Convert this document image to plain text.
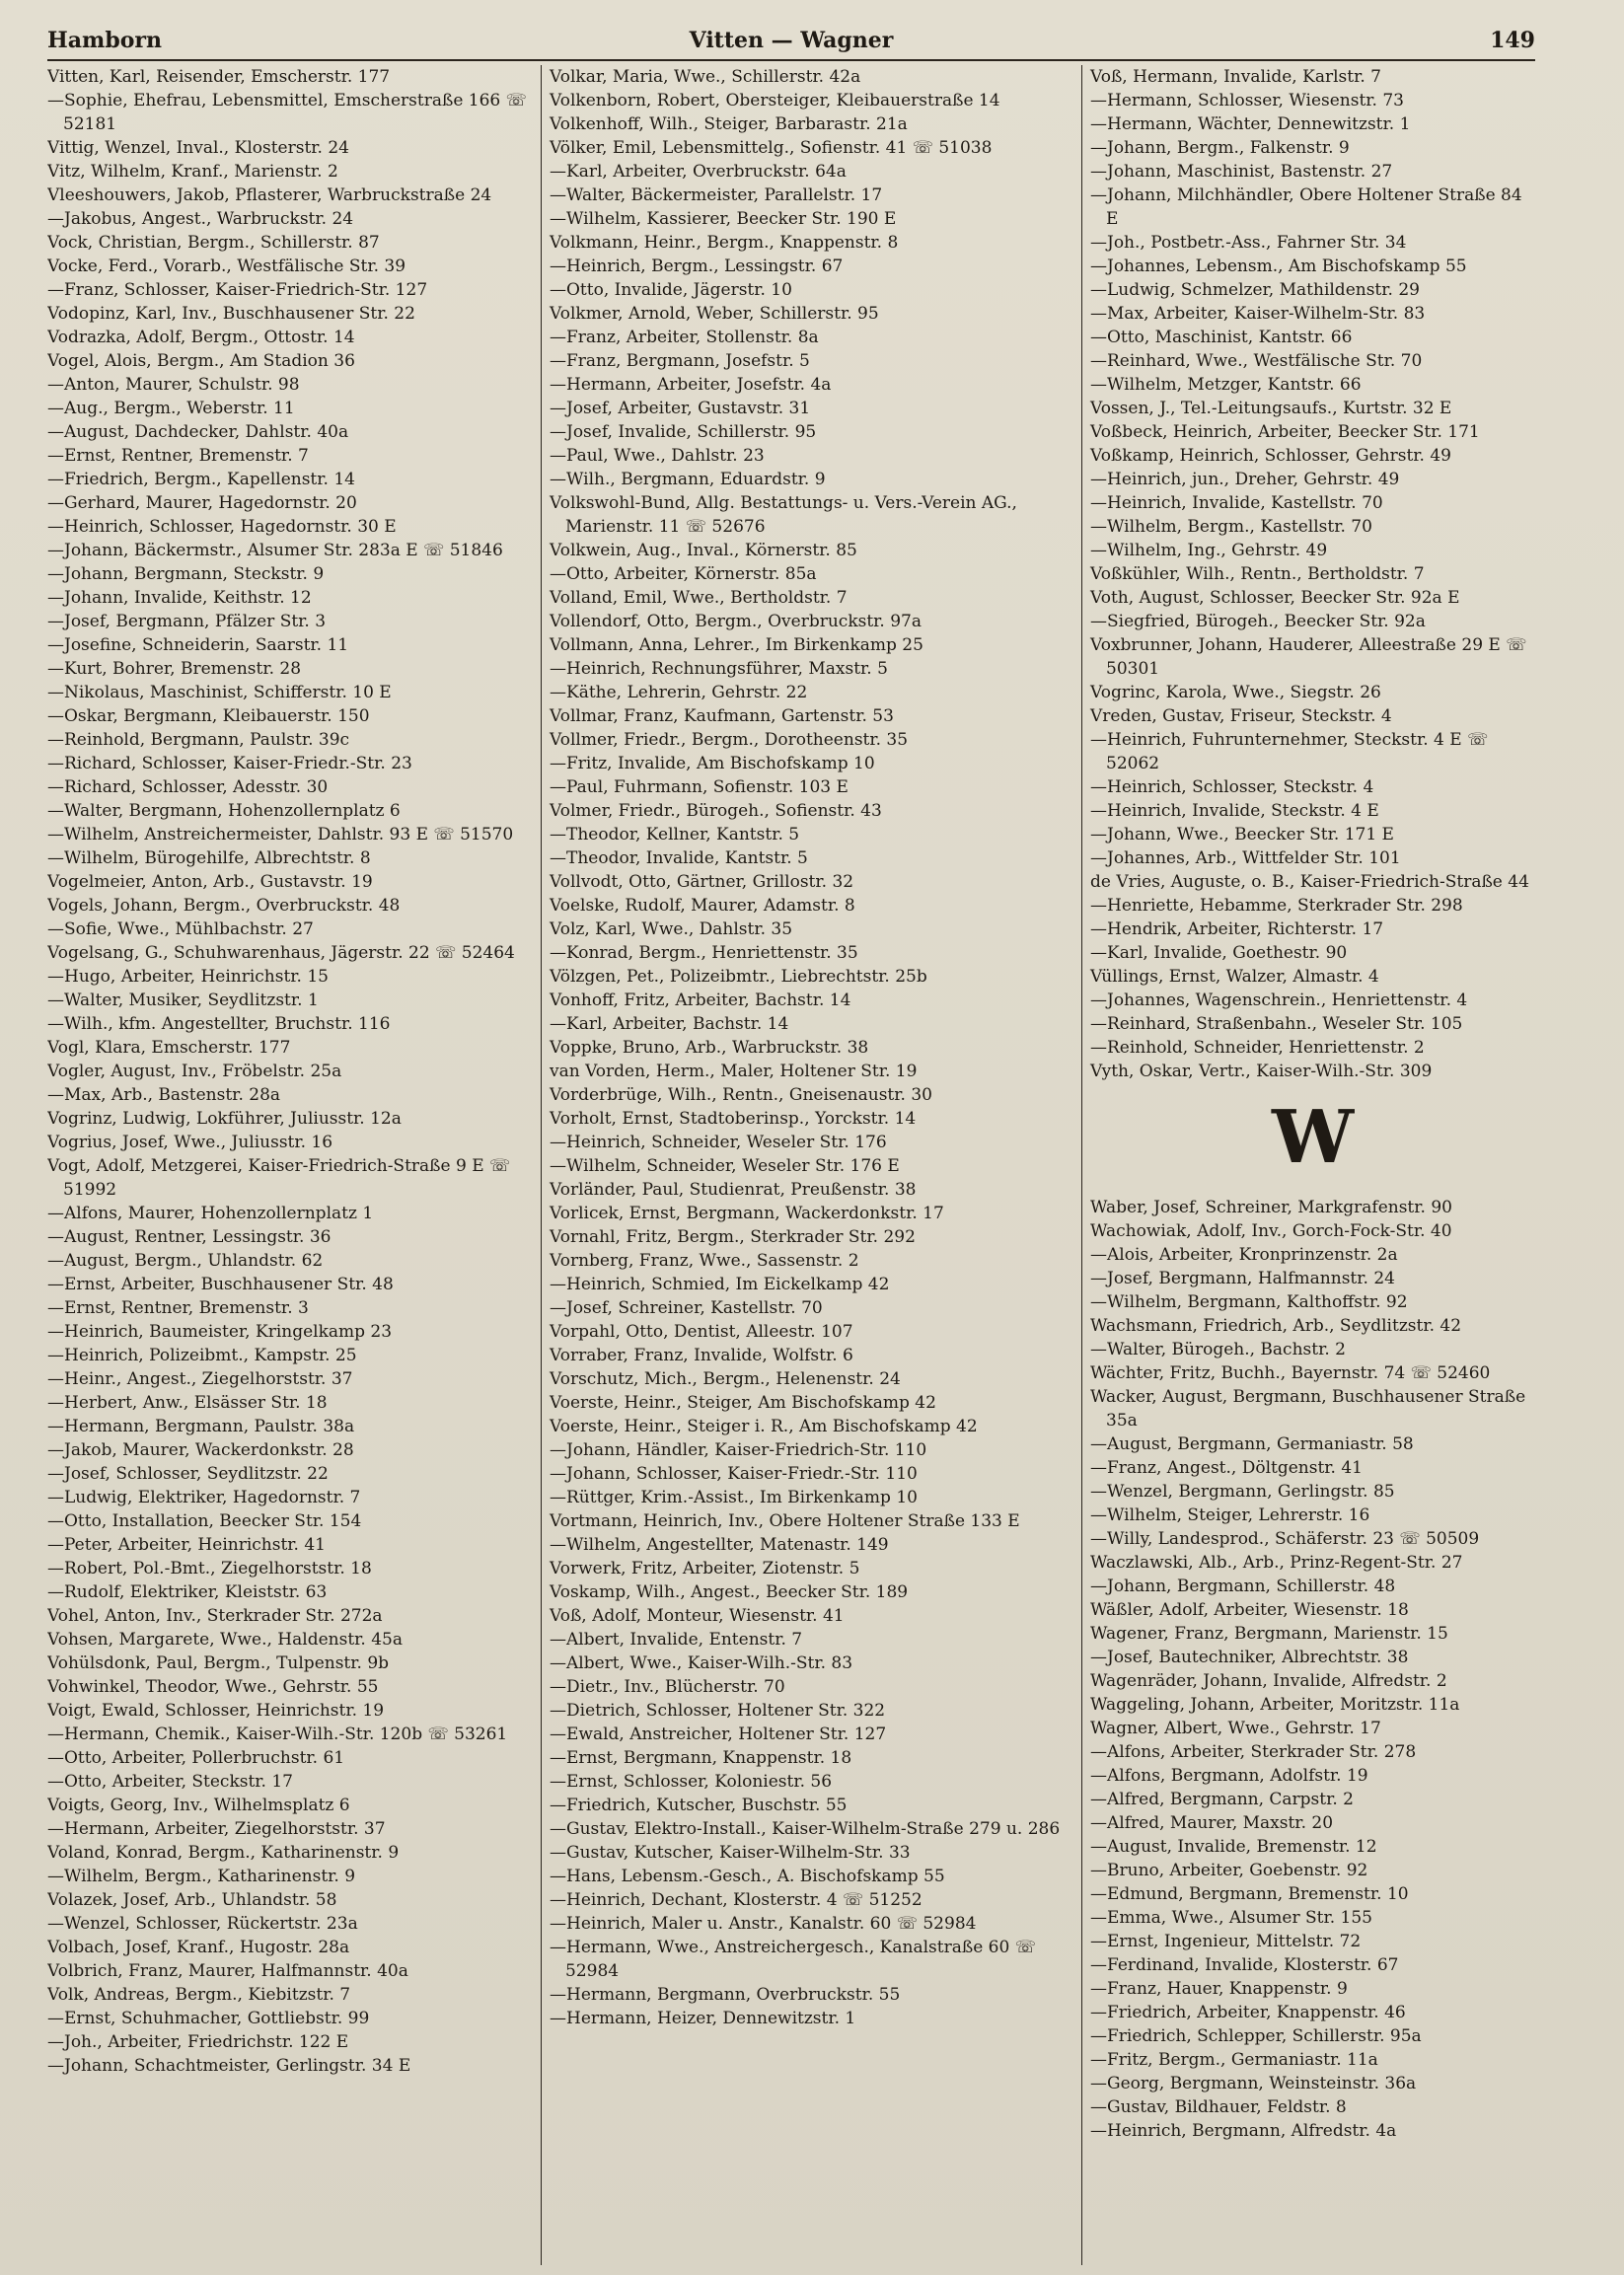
Hamborn	Vitten — Wagner	149
Vitten, Karl, Reisender, Emscherstr. 177
—Sophie, Ehefrau, Lebensmittel, Emscherstraße 166 ☏ 52181
Vittig, Wenzel, Inval., Klosterstr. 24
Vitz, Wilhelm, Kranf., Marienstr. 2
Vleeshouwers, Jakob, Pflasterer, Warbruckstraße 24
—Jakobus, Angest., Warbruckstr. 24
Vock, Christian, Bergm., Schillerstr. 87
Vocke, Ferd., Vorarb., Westfälische Str. 39
—Franz, Schlosser, Kaiser-Friedrich-Str. 127
Vodopinz, Karl, Inv., Buschhausener Str. 22
Vodrazka, Adolf, Bergm., Ottostr. 14
Vogel, Alois, Bergm., Am Stadion 36
—Anton, Maurer, Schulstr. 98
—Aug., Bergm., Weberstr. 11
—August, Dachdecker, Dahlstr. 40a
—Ernst, Rentner, Bremenstr. 7
—Friedrich, Bergm., Kapellenstr. 14
—Gerhard, Maurer, Hagedornstr. 20
—Heinrich, Schlosser, Hagedornstr. 30 E
—Johann, Bäckermstr., Alsumer Str. 283a E ☏ 51846
—Johann, Bergmann, Steckstr. 9
—Johann, Invalide, Keithstr. 12
—Josef, Bergmann, Pfälzer Str. 3
—Josefine, Schneiderin, Saarstr. 11
—Kurt, Bohrer, Bremenstr. 28
—Nikolaus, Maschinist, Schifferstr. 10 E
—Oskar, Bergmann, Kleibauerstr. 150
—Reinhold, Bergmann, Paulstr. 39c
—Richard, Schlosser, Kaiser-Friedr.-Str. 23
—Richard, Schlosser, Adesstr. 30
—Walter, Bergmann, Hohenzollernplatz 6
—Wilhelm, Anstreichermeister, Dahlstr. 93 E ☏ 51570
—Wilhelm, Bürogehilfe, Albrechtstr. 8
Vogelmeier, Anton, Arb., Gustavstr. 19
Vogels, Johann, Bergm., Overbruckstr. 48
—Sofie, Wwe., Mühlbachstr. 27
Vogelsang, G., Schuhwarenhaus, Jägerstr. 22 ☏ 52464
—Hugo, Arbeiter, Heinrichstr. 15
—Walter, Musiker, Seydlitzstr. 1
—Wilh., kfm. Angestellter, Bruchstr. 116
Vogl, Klara, Emscherstr. 177
Vogler, August, Inv., Fröbelstr. 25a
—Max, Arb., Bastenstr. 28a
Vogrinz, Ludwig, Lokführer, Juliusstr. 12a
Vogrius, Josef, Wwe., Juliusstr. 16
Vogt, Adolf, Metzgerei, Kaiser-Friedrich-Straße 9 E ☏ 51992
—Alfons, Maurer, Hohenzollernplatz 1
—August, Rentner, Lessingstr. 36
—August, Bergm., Uhlandstr. 62
—Ernst, Arbeiter, Buschhausener Str. 48
—Ernst, Rentner, Bremenstr. 3
—Heinrich, Baumeister, Kringelkamp 23
—Heinrich, Polizeibmt., Kampstr. 25
—Heinr., Angest., Ziegelhorststr. 37
—Herbert, Anw., Elsässer Str. 18
—Hermann, Bergmann, Paulstr. 38a
—Jakob, Maurer, Wackerdonkstr. 28
—Josef, Schlosser, Seydlitzstr. 22
—Ludwig, Elektriker, Hagedornstr. 7
—Otto, Installation, Beecker Str. 154
—Peter, Arbeiter, Heinrichstr. 41
—Robert, Pol.-Bmt., Ziegelhorststr. 18
—Rudolf, Elektriker, Kleiststr. 63
Vohel, Anton, Inv., Sterkrader Str. 272a
Vohsen, Margarete, Wwe., Haldenstr. 45a
Vohülsdonk, Paul, Bergm., Tulpenstr. 9b
Vohwinkel, Theodor, Wwe., Gehrstr. 55
Voigt, Ewald, Schlosser, Heinrichstr. 19
—Hermann, Chemik., Kaiser-Wilh.-Str. 120b ☏ 53261
—Otto, Arbeiter, Pollerbruchstr. 61
—Otto, Arbeiter, Steckstr. 17
Voigts, Georg, Inv., Wilhelmsplatz 6
—Hermann, Arbeiter, Ziegelhorststr. 37
Voland, Konrad, Bergm., Katharinenstr. 9
—Wilhelm, Bergm., Katharinenstr. 9
Volazek, Josef, Arb., Uhlandstr. 58
—Wenzel, Schlosser, Rückertstr. 23a
Volbach, Josef, Kranf., Hugostr. 28a
Volbrich, Franz, Maurer, Halfmannstr. 40a
Volk, Andreas, Bergm., Kiebitzstr. 7
—Ernst, Schuhmacher, Gottliebstr. 99
—Joh., Arbeiter, Friedrichstr. 122 E
—Johann, Schachtmeister, Gerlingstr. 34 E
Volkar, Maria, Wwe., Schillerstr. 42a
Volkenborn, Robert, Obersteiger, Kleibauerstraße 14
Volkenhoff, Wilh., Steiger, Barbarastr. 21a
Völker, Emil, Lebensmittelg., Sofienstr. 41 ☏ 51038
—Karl, Arbeiter, Overbruckstr. 64a
—Walter, Bäckermeister, Parallelstr. 17
—Wilhelm, Kassierer, Beecker Str. 190 E
Volkmann, Heinr., Bergm., Knappenstr. 8
—Heinrich, Bergm., Lessingstr. 67
—Otto, Invalide, Jägerstr. 10
Volkmer, Arnold, Weber, Schillerstr. 95
—Franz, Arbeiter, Stollenstr. 8a
—Franz, Bergmann, Josefstr. 5
—Hermann, Arbeiter, Josefstr. 4a
—Josef, Arbeiter, Gustavstr. 31
—Josef, Invalide, Schillerstr. 95
—Paul, Wwe., Dahlstr. 23
—Wilh., Bergmann, Eduardstr. 9
Volkswohl-Bund, Allg. Bestattungs- u. Vers.-Verein AG., Marienstr. 11 ☏ 52676
Volkwein, Aug., Inval., Körnerstr. 85
—Otto, Arbeiter, Körnerstr. 85a
Volland, Emil, Wwe., Bertholdstr. 7
Vollendorf, Otto, Bergm., Overbruckstr. 97a
Vollmann, Anna, Lehrer., Im Birkenkamp 25
—Heinrich, Rechnungsführer, Maxstr. 5
—Käthe, Lehrerin, Gehrstr. 22
Vollmar, Franz, Kaufmann, Gartenstr. 53
Vollmer, Friedr., Bergm., Dorotheenstr. 35
—Fritz, Invalide, Am Bischofskamp 10
—Paul, Fuhrmann, Sofienstr. 103 E
Volmer, Friedr., Bürogeh., Sofienstr. 43
—Theodor, Kellner, Kantstr. 5
—Theodor, Invalide, Kantstr. 5
Vollvodt, Otto, Gärtner, Grillostr. 32
Voelske, Rudolf, Maurer, Adamstr. 8
Volz, Karl, Wwe., Dahlstr. 35
—Konrad, Bergm., Henriettenstr. 35
Völzgen, Pet., Polizeibmtr., Liebrechtstr. 25b
Vonhoff, Fritz, Arbeiter, Bachstr. 14
—Karl, Arbeiter, Bachstr. 14
Voppke, Bruno, Arb., Warbruckstr. 38
van Vorden, Herm., Maler, Holtener Str. 19
Vorderbrüge, Wilh., Rentn., Gneisenaustr. 30
Vorholt, Ernst, Stadtoberinsp., Yorckstr. 14
—Heinrich, Schneider, Weseler Str. 176
—Wilhelm, Schneider, Weseler Str. 176 E
Vorländer, Paul, Studienrat, Preußenstr. 38
Vorlicek, Ernst, Bergmann, Wackerdonkstr. 17
Vornahl, Fritz, Bergm., Sterkrader Str. 292
Vornberg, Franz, Wwe., Sassenstr. 2
—Heinrich, Schmied, Im Eickelkamp 42
—Josef, Schreiner, Kastellstr. 70
Vorpahl, Otto, Dentist, Alleestr. 107
Vorraber, Franz, Invalide, Wolfstr. 6
Vorschutz, Mich., Bergm., Helenenstr. 24
Voerste, Heinr., Steiger, Am Bischofskamp 42
Voerste, Heinr., Steiger i. R., Am Bischofskamp 42
—Johann, Händler, Kaiser-Friedrich-Str. 110
—Johann, Schlosser, Kaiser-Friedr.-Str. 110
—Rüttger, Krim.-Assist., Im Birkenkamp 10
Vortmann, Heinrich, Inv., Obere Holtener Straße 133 E
—Wilhelm, Angestellter, Matenastr. 149
Vorwerk, Fritz, Arbeiter, Ziotenstr. 5
Voskamp, Wilh., Angest., Beecker Str. 189
Voß, Adolf, Monteur, Wiesenstr. 41
—Albert, Invalide, Entenstr. 7
—Albert, Wwe., Kaiser-Wilh.-Str. 83
—Dietr., Inv., Blücherstr. 70
—Dietrich, Schlosser, Holtener Str. 322
—Ewald, Anstreicher, Holtener Str. 127
—Ernst, Bergmann, Knappenstr. 18
—Ernst, Schlosser, Koloniestr. 56
—Friedrich, Kutscher, Buschstr. 55
—Gustav, Elektro-Install., Kaiser-Wilhelm-Straße 279 u. 286
—Gustav, Kutscher, Kaiser-Wilhelm-Str. 33
—Hans, Lebensm.-Gesch., A. Bischofskamp 55
—Heinrich, Dechant, Klosterstr. 4 ☏ 51252
—Heinrich, Maler u. Anstr., Kanalstr. 60 ☏ 52984
—Hermann, Wwe., Anstreichergesch., Kanalstraße 60 ☏ 52984
—Hermann, Bergmann, Overbruckstr. 55
—Hermann, Heizer, Dennewitzstr. 1
Voß, Hermann, Invalide, Karlstr. 7
—Hermann, Schlosser, Wiesenstr. 73
—Hermann, Wächter, Dennewitzstr. 1
—Johann, Bergm., Falkenstr. 9
—Johann, Maschinist, Bastenstr. 27
—Johann, Milchhändler, Obere Holtener Straße 84 E
—Joh., Postbetr.-Ass., Fahrner Str. 34
—Johannes, Lebensm., Am Bischofskamp 55
—Ludwig, Schmelzer, Mathildenstr. 29
—Max, Arbeiter, Kaiser-Wilhelm-Str. 83
—Otto, Maschinist, Kantstr. 66
—Reinhard, Wwe., Westfälische Str. 70
—Wilhelm, Metzger, Kantstr. 66
Vossen, J., Tel.-Leitungsaufs., Kurtstr. 32 E
Voßbeck, Heinrich, Arbeiter, Beecker Str. 171
Voßkamp, Heinrich, Schlosser, Gehrstr. 49
—Heinrich, jun., Dreher, Gehrstr. 49
—Heinrich, Invalide, Kastellstr. 70
—Wilhelm, Bergm., Kastellstr. 70
—Wilhelm, Ing., Gehrstr. 49
Voßkühler, Wilh., Rentn., Bertholdstr. 7
Voth, August, Schlosser, Beecker Str. 92a E
—Siegfried, Bürogeh., Beecker Str. 92a
Voxbrunner, Johann, Hauderer, Alleestraße 29 E ☏ 50301
Vogrinc, Karola, Wwe., Siegstr. 26
Vreden, Gustav, Friseur, Steckstr. 4
—Heinrich, Fuhrunternehmer, Steckstr. 4 E ☏ 52062
—Heinrich, Schlosser, Steckstr. 4
—Heinrich, Invalide, Steckstr. 4 E
—Johann, Wwe., Beecker Str. 171 E
—Johannes, Arb., Wittfelder Str. 101
de Vries, Auguste, o. B., Kaiser-Friedrich-Straße 44
—Henriette, Hebamme, Sterkrader Str. 298
—Hendrik, Arbeiter, Richterstr. 17
—Karl, Invalide, Goethestr. 90
Vüllings, Ernst, Walzer, Almastr. 4
—Johannes, Wagenschrein., Henriettenstr. 4
—Reinhard, Straßenbahn., Weseler Str. 105
—Reinhold, Schneider, Henriettenstr. 2
Vyth, Oskar, Vertr., Kaiser-Wilh.-Str. 309
W
Waber, Josef, Schreiner, Markgrafenstr. 90
Wachowiak, Adolf, Inv., Gorch-Fock-Str. 40
—Alois, Arbeiter, Kronprinzenstr. 2a
—Josef, Bergmann, Halfmannstr. 24
—Wilhelm, Bergmann, Kalthoffstr. 92
Wachsmann, Friedrich, Arb., Seydlitzstr. 42
—Walter, Bürogeh., Bachstr. 2
Wächter, Fritz, Buchh., Bayernstr. 74 ☏ 52460
Wacker, August, Bergmann, Buschhausener Straße 35a
—August, Bergmann, Germaniastr. 58
—Franz, Angest., Döltgenstr. 41
—Wenzel, Bergmann, Gerlingstr. 85
—Wilhelm, Steiger, Lehrerstr. 16
—Willy, Landesprod., Schäferstr. 23 ☏ 50509
Waczlawski, Alb., Arb., Prinz-Regent-Str. 27
—Johann, Bergmann, Schillerstr. 48
Wäßler, Adolf, Arbeiter, Wiesenstr. 18
Wagener, Franz, Bergmann, Marienstr. 15
—Josef, Bautechniker, Albrechtstr. 38
Wagenräder, Johann, Invalide, Alfredstr. 2
Waggeling, Johann, Arbeiter, Moritzstr. 11a
Wagner, Albert, Wwe., Gehrstr. 17
—Alfons, Arbeiter, Sterkrader Str. 278
—Alfons, Bergmann, Adolfstr. 19
—Alfred, Bergmann, Carpstr. 2
—Alfred, Maurer, Maxstr. 20
—August, Invalide, Bremenstr. 12
—Bruno, Arbeiter, Goebenstr. 92
—Edmund, Bergmann, Bremenstr. 10
—Emma, Wwe., Alsumer Str. 155
—Ernst, Ingenieur, Mittelstr. 72
—Ferdinand, Invalide, Klosterstr. 67
—Franz, Hauer, Knappenstr. 9
—Friedrich, Arbeiter, Knappenstr. 46
—Friedrich, Schlepper, Schillerstr. 95a
—Fritz, Bergm., Germaniastr. 11a
—Georg, Bergmann, Weinsteinstr. 36a
—Gustav, Bildhauer, Feldstr. 8
—Heinrich, Bergmann, Alfredstr. 4a
